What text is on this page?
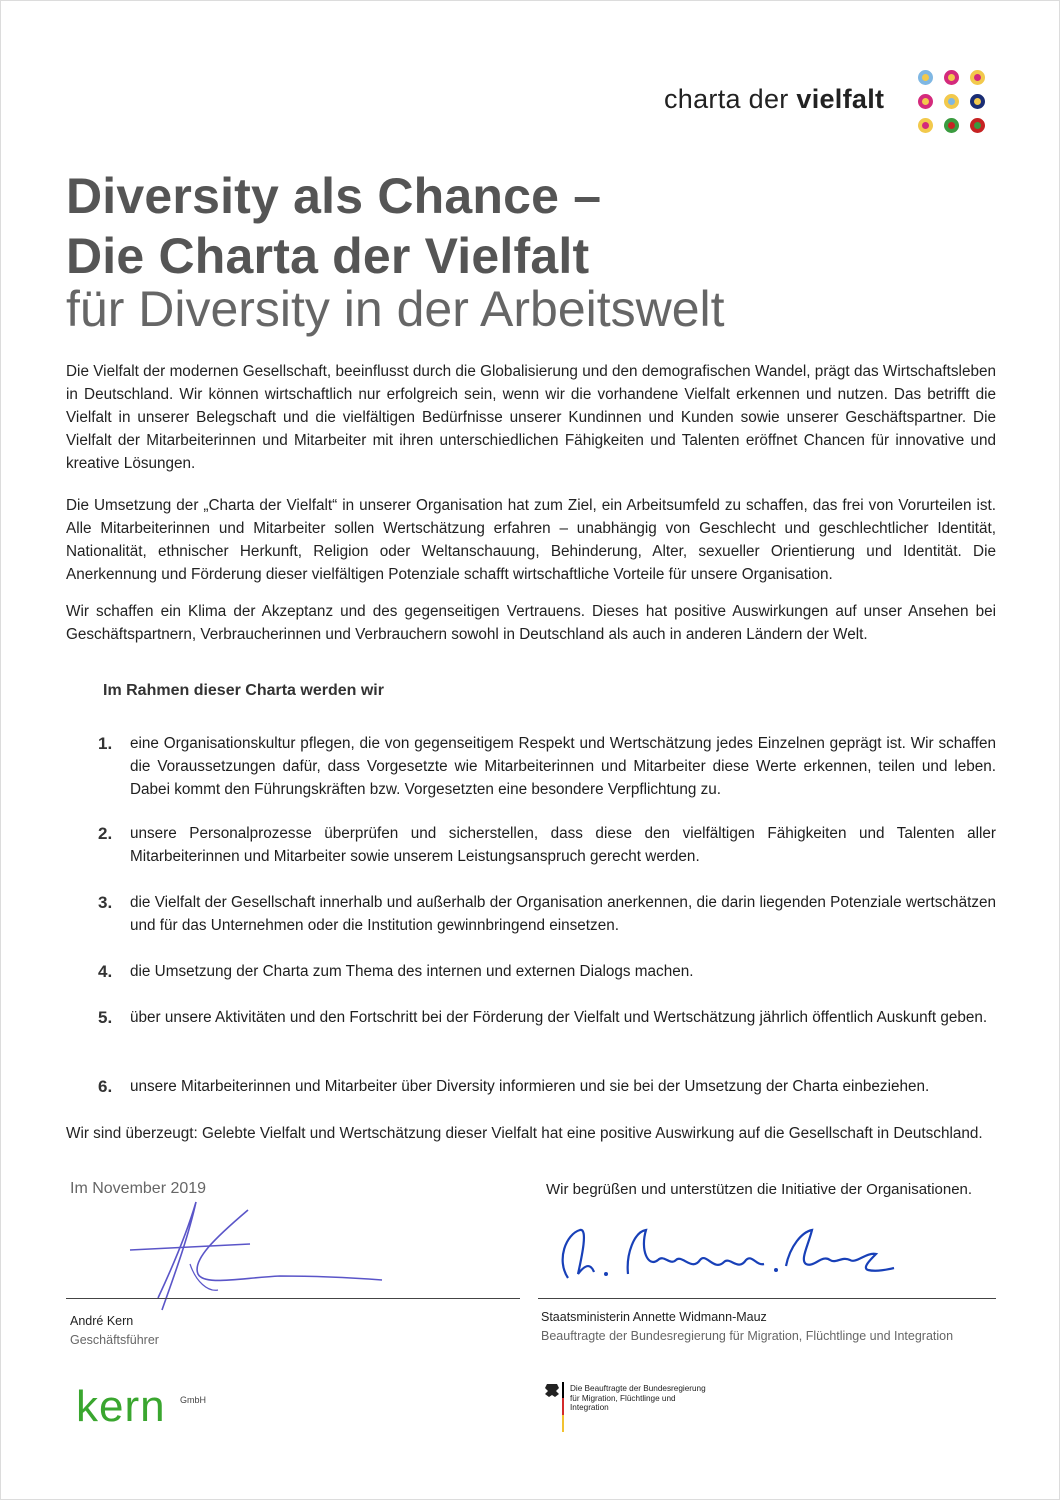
charta der vielfalt
Diversity als Chance –
Die Charta der Vielfalt
für Diversity in der Arbeitswelt
Die Vielfalt der modernen Gesellschaft, beeinflusst durch die Globalisierung und den demografischen Wandel, prägt das Wirtschaftsleben in Deutschland. Wir können wirtschaftlich nur erfolgreich sein, wenn wir die vorhandene Vielfalt erkennen und nutzen. Das betrifft die Vielfalt in unserer Belegschaft und die vielfältigen Bedürfnisse unserer Kundinnen und Kunden sowie unserer Geschäftspartner. Die Vielfalt der Mitarbeiterinnen und Mitarbeiter mit ihren unterschiedlichen Fähigkeiten und Talenten eröffnet Chancen für innovative und kreative Lösungen.
Die Umsetzung der „Charta der Vielfalt“ in unserer Organisation hat zum Ziel, ein Arbeitsumfeld zu schaffen, das frei von Vorurteilen ist. Alle Mitarbeiterinnen und Mitarbeiter sollen Wertschätzung erfahren – unabhängig von Geschlecht und geschlechtlicher Identität, Nationalität, ethnischer Herkunft, Religion oder Weltanschauung, Behinderung, Alter, sexueller Orientierung und Identität. Die Anerkennung und Förderung dieser vielfältigen Potenziale schafft wirtschaftliche Vorteile für unsere Organisation.
Wir schaffen ein Klima der Akzeptanz und des gegenseitigen Vertrauens. Dieses hat positive Auswirkungen auf unser Ansehen bei Geschäftspartnern, Verbraucherinnen und Verbrauchern sowohl in Deutschland als auch in anderen Ländern der Welt.
Im Rahmen dieser Charta werden wir
1. eine Organisationskultur pflegen, die von gegenseitigem Respekt und Wertschätzung jedes Einzelnen geprägt ist. Wir schaffen die Voraussetzungen dafür, dass Vorgesetzte wie Mitarbeiterinnen und Mitarbeiter diese Werte erkennen, teilen und leben. Dabei kommt den Führungskräften bzw. Vorgesetzten eine besondere Verpflichtung zu.
2. unsere Personalprozesse überprüfen und sicherstellen, dass diese den vielfältigen Fähigkeiten und Talenten aller Mitarbeiterinnen und Mitarbeiter sowie unserem Leistungsanspruch gerecht werden.
3. die Vielfalt der Gesellschaft innerhalb und außerhalb der Organisation anerkennen, die darin liegenden Potenziale wertschätzen und für das Unternehmen oder die Institution gewinnbringend einsetzen.
4. die Umsetzung der Charta zum Thema des internen und externen Dialogs machen.
5. über unsere Aktivitäten und den Fortschritt bei der Förderung der Vielfalt und Wertschätzung jährlich öffentlich Auskunft geben.
6. unsere Mitarbeiterinnen und Mitarbeiter über Diversity informieren und sie bei der Umsetzung der Charta einbeziehen.
Wir sind überzeugt: Gelebte Vielfalt und Wertschätzung dieser Vielfalt hat eine positive Auswirkung auf die Gesellschaft in Deutschland.
Im November 2019
André Kern
Geschäftsführer
kern GmbH
Wir begrüßen und unterstützen die Initiative der Organisationen.
Staatsministerin Annette Widmann-Mauz
Beauftragte der Bundesregierung für Migration, Flüchtlinge und Integration
Die Beauftragte der Bundesregierung
für Migration, Flüchtlinge und
Integration
